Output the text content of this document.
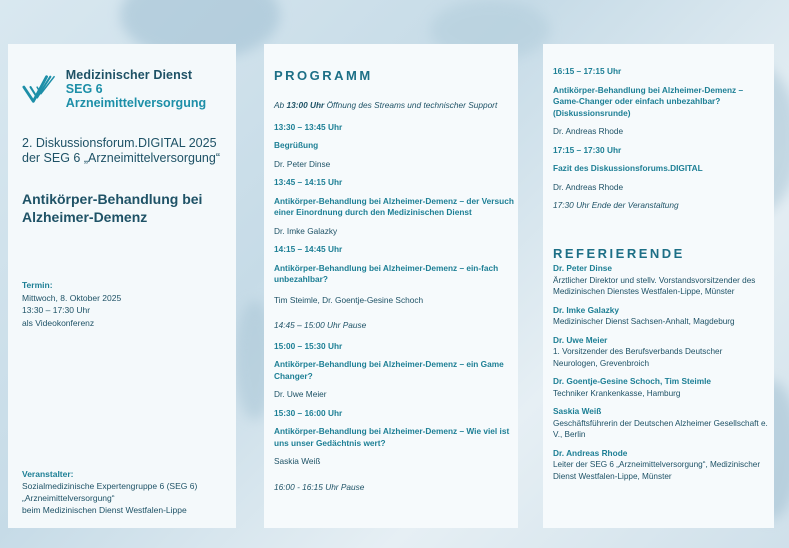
Medizinischer Dienst
SEG 6 Arzneimittelversorgung
2. Diskussionsforum.DIGITAL 2025
der SEG 6 „Arzneimittelversorgung“
Antikörper-Behandlung bei
Alzheimer-Demenz
Termin:
Mittwoch, 8. Oktober 2025
13:30 – 17:30 Uhr
als Videokonferenz
Veranstalter:
Sozialmedizinische Expertengruppe 6 (SEG 6)
„Arzneimittelversorgung“
beim Medizinischen Dienst Westfalen-Lippe
PROGRAMM
Ab 13:00 Uhr Öffnung des Streams und technischer Support
13:30 – 13:45 Uhr
Begrüßung
Dr. Peter Dinse
13:45 – 14:15 Uhr
Antikörper-Behandlung bei Alzheimer-Demenz – der Versuch einer Einordnung durch den Medizinischen Dienst
Dr. Imke Galazky
14:15 – 14:45 Uhr
Antikörper-Behandlung bei Alzheimer-Demenz – ein-fach unbezahlbar?
Tim Steimle, Dr. Goentje-Gesine Schoch
14:45 – 15:00 Uhr Pause
15:00 – 15:30 Uhr
Antikörper-Behandlung bei Alzheimer-Demenz – ein Game Changer?
Dr. Uwe Meier
15:30 – 16:00 Uhr
Antikörper-Behandlung bei Alzheimer-Demenz – Wie viel ist uns unser Gedächtnis wert?
Saskia Weiß
16:00 - 16:15 Uhr Pause
16:15 – 17:15 Uhr
Antikörper-Behandlung bei Alzheimer-Demenz – Game-Changer oder einfach unbezahlbar? (Diskussionsrunde)
Dr. Andreas Rhode
17:15 – 17:30 Uhr
Fazit des Diskussionsforums.DIGITAL
Dr. Andreas Rhode
17:30 Uhr Ende der Veranstaltung
REFERIERENDE
Dr. Peter Dinse
Ärztlicher Direktor und stellv. Vorstandsvorsitzender des Medizinischen Dienstes Westfalen-Lippe, Münster
Dr. Imke Galazky
Medizinischer Dienst Sachsen-Anhalt, Magdeburg
Dr. Uwe Meier
1. Vorsitzender des Berufsverbands Deutscher Neurologen, Grevenbroich
Dr. Goentje-Gesine Schoch, Tim Steimle
Techniker Krankenkasse, Hamburg
Saskia Weiß
Geschäftsführerin der Deutschen Alzheimer Gesellschaft e. V., Berlin
Dr. Andreas Rhode
Leiter der SEG 6 „Arzneimittelversorgung“, Medizinischer Dienst Westfalen-Lippe, Münster
